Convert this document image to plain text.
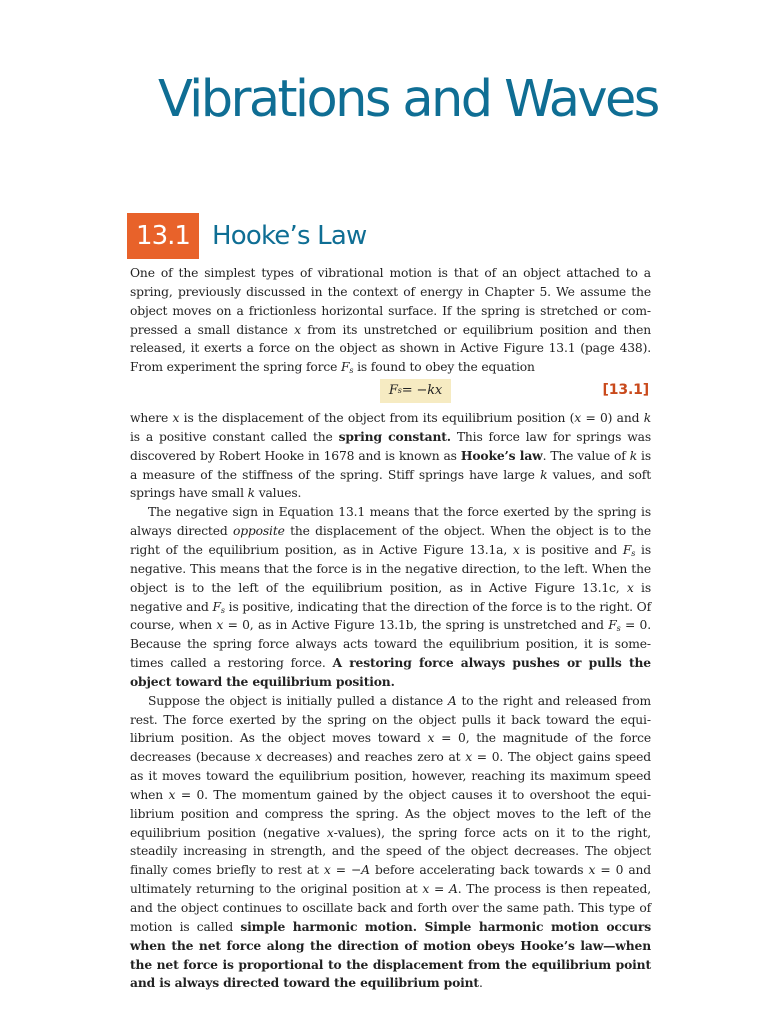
Vibrations and Waves
13.1 Hooke’s Law

One of the simplest types of vibrational motion is that of an object attached to a spring, previously discussed in the context of energy in Chapter 5. We assume the object moves on a frictionless horizontal surface. If the spring is stretched or compressed a small distance x from its unstretched or equilibrium position and then released, it exerts a force on the object as shown in Active Figure 13.1 (page 438). From experiment the spring force $F_s$ is found to obey the equation

F s = − kx	[13.1]

where x is the displacement of the object from its equilibrium position (x = 0) and k is a positive constant called the spring constant. This force law for springs was discovered by Robert Hooke in 1678 and is known as Hooke’s law. The value of k is a measure of the stiffness of the spring. Stiff springs have large k values, and soft springs have small k values.

The negative sign in Equation 13.1 means that the force exerted by the spring is always directed opposite the displacement of the object. When the object is to the right of the equilibrium position, as in Active Figure 13.1a, x is positive and $F_s$ is negative. This means that the force is in the negative direction, to the left. When the object is to the left of the equilibrium position, as in Active Figure 13.1c, x is negative and $F_s$ is positive, indicating that the direction of the force is to the right. Of course, when x = 0, as in Active Figure 13.1b, the spring is unstretched and $F_s = 0$. Because the spring force always acts toward the equilibrium position, it is sometimes called a restoring force. A restoring force always pushes or pulls the object toward the equilibrium position.

Suppose the object is initially pulled a distance A to the right and released from rest. The force exerted by the spring on the object pulls it back toward the equilibrium position. As the object moves toward x = 0, the magnitude of the force decreases (because x decreases) and reaches zero at x = 0. The object gains speed as it moves toward the equilibrium position, however, reaching its maximum speed when x = 0. The momentum gained by the object causes it to overshoot the equilibrium position and compress the spring. As the object moves to the left of the equilibrium position (negative x-values), the spring force acts on it to the right, steadily increasing in strength, and the speed of the object decreases. The object finally comes briefly to rest at x = −A before accelerating back towards x = 0 and ultimately returning to the original position at x = A. The process is then repeated, and the object continues to oscillate back and forth over the same path. This type of motion is called simple harmonic motion. Simple harmonic motion occurs when the net force along the direction of motion obeys Hooke’s law—when the net force is proportional to the displacement from the equilibrium point and is always directed toward the equilibrium point.
